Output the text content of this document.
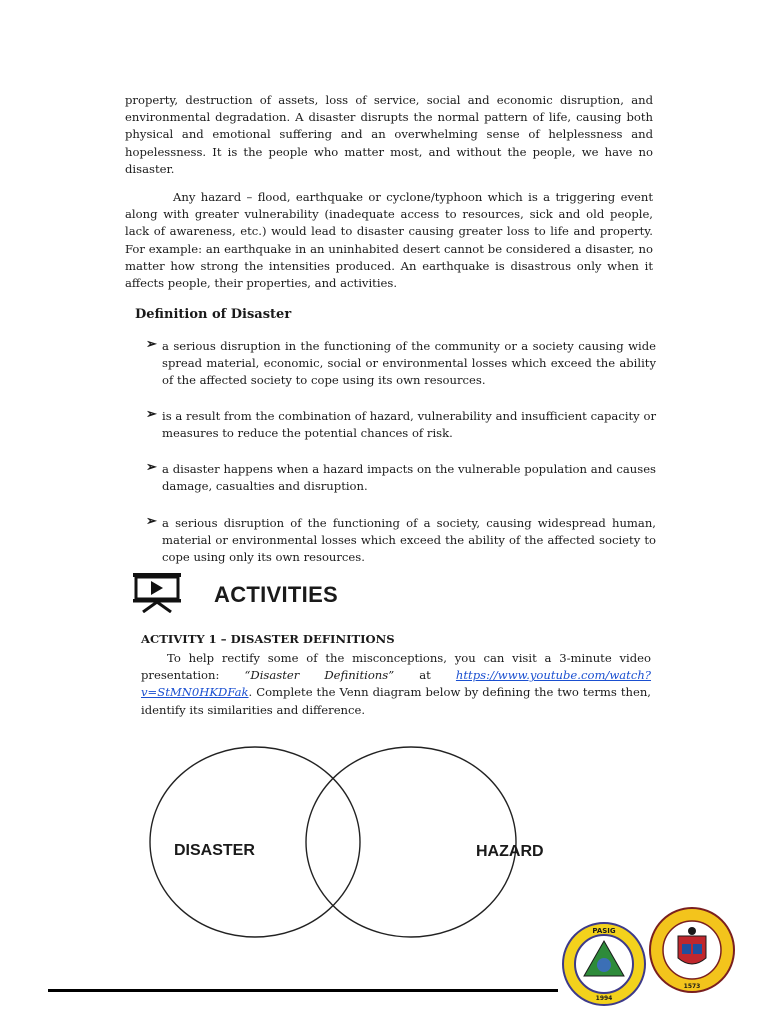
property, destruction of assets, loss of service, social and economic disruption, and environmental degradation. A disaster disrupts the normal pattern of life, causing both physical and emotional suffering and an overwhelming sense of helplessness and hopelessness. It is the people who matter most, and without the people, we have no disaster.

Any hazard – flood, earthquake or cyclone/typhoon which is a triggering event along with greater vulnerability (inadequate access to resources, sick and old people, lack of awareness, etc.) would lead to disaster causing greater loss to life and property. For example: an earthquake in an uninhabited desert cannot be considered a disaster, no matter how strong the intensities produced. An earthquake is disastrous only when it affects people, their properties, and activities.

Definition of Disaster
➢ a serious disruption in the functioning of the community or a society causing wide spread material, economic, social or environmental losses which exceed the ability of the affected society to cope using its own resources.

➢ is a result from the combination of hazard, vulnerability and insufficient capacity or measures to reduce the potential chances of risk.

➢ a disaster happens when a hazard impacts on the vulnerable population and causes damage, casualties and disruption.

➢ a serious disruption of the functioning of a society, causing widespread human, material or environmental losses which exceed the ability of the affected society to cope using only its own resources.

ACTIVITIES
ACTIVITY 1 – DISASTER DEFINITIONS

To help rectify some of the misconceptions, you can visit a 3-minute video presentation: “Disaster Definitions” at https://www.youtube.com/watch?v=StMN0HKDFak. Complete the Venn diagram below by defining the two terms then, identify its similarities and difference.

DISASTER	HAZARD
PASIG
1994
1573
